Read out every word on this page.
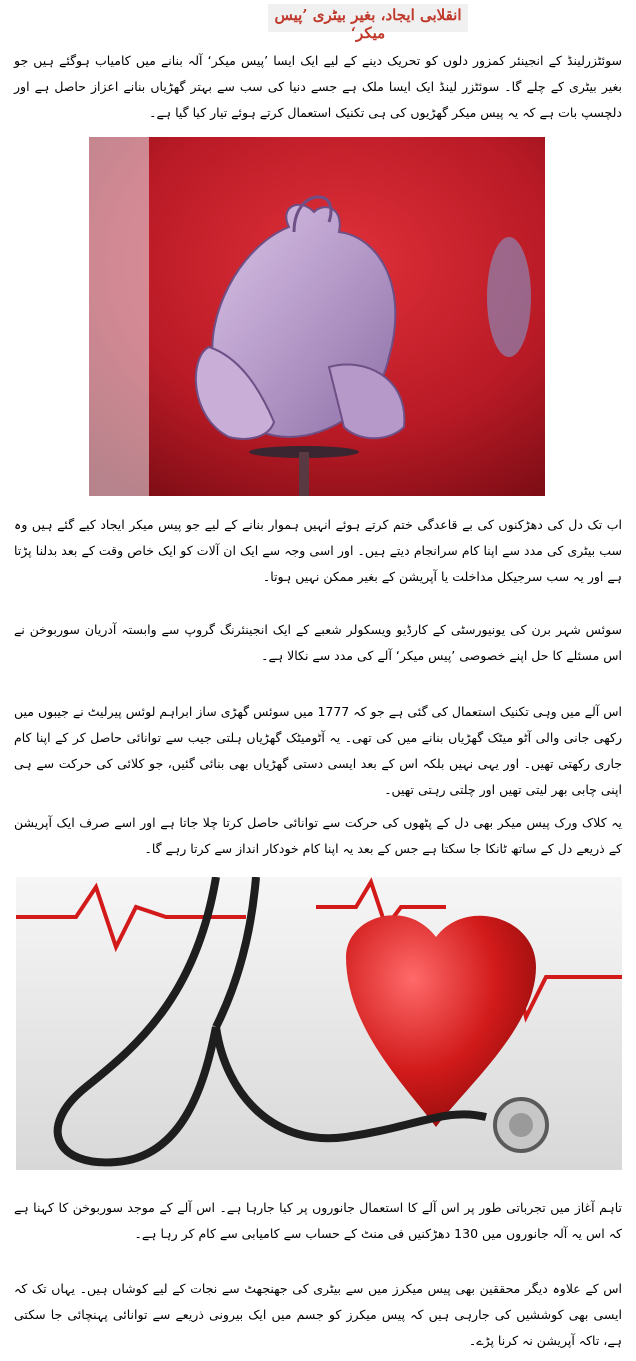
انقلابی ایجاد، بغیر بیٹری ’پیس میکر‘
سوئٹزرلینڈ کے انجینئر کمزور دلوں کو تحریک دینے کے لیے ایک ایسا ’پیس میکر‘ آلہ بنانے میں کامیاب ہوگئے ہیں جو بغیر بیٹری کے چلے گا۔ سوئٹزر لینڈ ایک ایسا ملک ہے جسے دنیا کی سب سے بہتر گھڑیاں بنانے اعزاز حاصل ہے اور دلچسپ بات ہے کہ یہ پیس میکر گھڑیوں کی ہی تکنیک استعمال کرتے ہوئے تیار کیا گیا ہے۔
اب تک دل کی دھڑکنوں کی بے قاعدگی ختم کرتے ہوئے انہیں ہموار بنانے کے لیے جو پیس میکر ایجاد کیے گئے ہیں وہ سب بیٹری کی مدد سے اپنا کام سرانجام دیتے ہیں۔ اور اسی وجہ سے ایک ان آلات کو ایک خاص وقت کے بعد بدلنا پڑتا ہے اور یہ سب سرجیکل مداخلت یا آپریشن کے بغیر ممکن نہیں ہوتا۔
سوئس شہر برن کی یونیورسٹی کے کارڈیو ویسکولر شعبے کے ایک انجینئرنگ گروپ سے وابستہ آدریان سوربوخن نے اس مسئلے کا حل اپنے خصوصی ’پیس میکر‘ آلے کی مدد سے نکالا ہے۔
اس آلے میں وہی تکنیک استعمال کی گئی ہے جو کہ 1777 میں سوئس گھڑی ساز ابراہم لوئس پیرلیٹ نے جیبوں میں رکھی جانی والی آٹو میٹک گھڑیاں بنانے میں کی تھی۔ یہ آٹومیٹک گھڑیاں ہلتی جیب سے توانائی حاصل کر کے اپنا کام جاری رکھتی تھیں۔ اور یہی نہیں بلکہ اس کے بعد ایسی دستی گھڑیاں بھی بنائی گئیں، جو کلائی کی حرکت سے ہی اپنی چابی بھر لیتی تھیں اور چلتی رہتی تھیں۔
یہ کلاک ورک پیس میکر بھی دل کے پٹھوں کی حرکت سے توانائی حاصل کرتا چلا جاتا ہے اور اسے صرف ایک آپریشن کے ذریعے دل کے ساتھ ٹانکا جا سکتا ہے جس کے بعد یہ اپنا کام خودکار انداز سے کرتا رہے گا۔
تاہم آغاز میں تجرباتی طور پر اس آلے کا استعمال جانوروں پر کیا جارہا ہے۔ اس آلے کے موجد سوربوخن کا کہنا ہے کہ اس یہ آلہ جانوروں میں 130 دھڑکنیں فی منٹ کے حساب سے کامیابی سے کام کر رہا ہے۔
اس کے علاوہ دیگر محققین بھی پیس میکرز میں سے بیٹری کی جھنجھٹ سے نجات کے لیے کوشاں ہیں۔ یہاں تک کہ ایسی بھی کوششیں کی جارہی ہیں کہ پیس میکرز کو جسم میں ایک بیرونی ذریعے سے توانائی پہنچائی جا سکتی ہے، تاکہ آپریشن نہ کرنا پڑے۔
